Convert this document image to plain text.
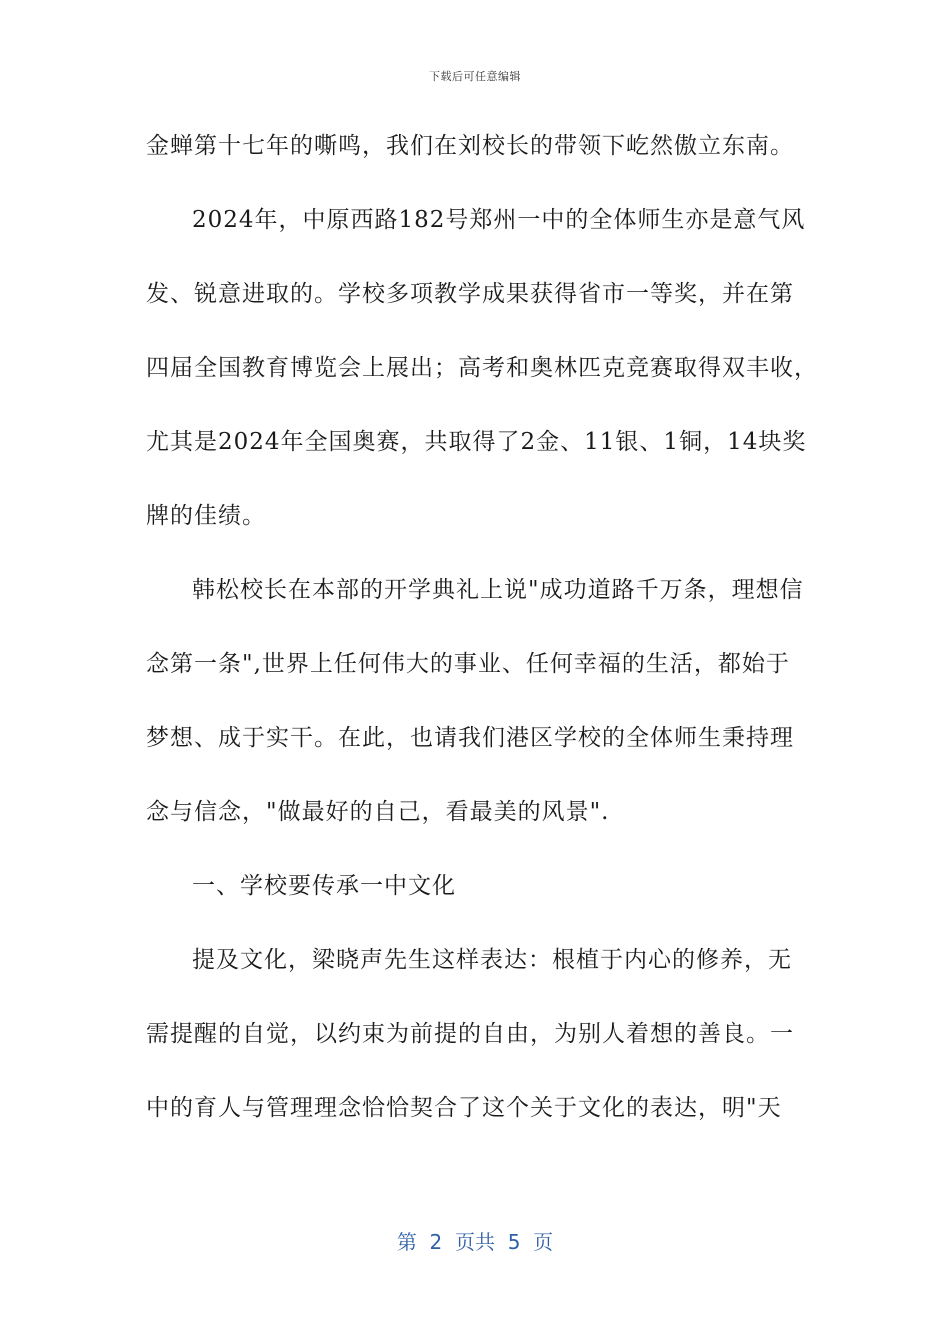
下载后可任意编辑
金蝉第十七年的嘶鸣，我们在刘校长的带领下屹然傲立东南。
2024年，中原西路182号郑州一中的全体师生亦是意气风
发、锐意进取的。学校多项教学成果获得省市一等奖，并在第
四届全国教育博览会上展出；高考和奥林匹克竞赛取得双丰收，
尤其是2024年全国奥赛，共取得了2金、11银、1铜，14块奖
牌的佳绩。
韩松校长在本部的开学典礼上说"成功道路千万条，理想信
念第一条",世界上任何伟大的事业、任何幸福的生活，都始于
梦想、成于实干。在此，也请我们港区学校的全体师生秉持理
念与信念，"做最好的自己，看最美的风景".
一、学校要传承一中文化
提及文化，梁晓声先生这样表达：根植于内心的修养，无
需提醒的自觉，以约束为前提的自由，为别人着想的善良。一
中的育人与管理理念恰恰契合了这个关于文化的表达，明"天
第  2  页共  5  页
